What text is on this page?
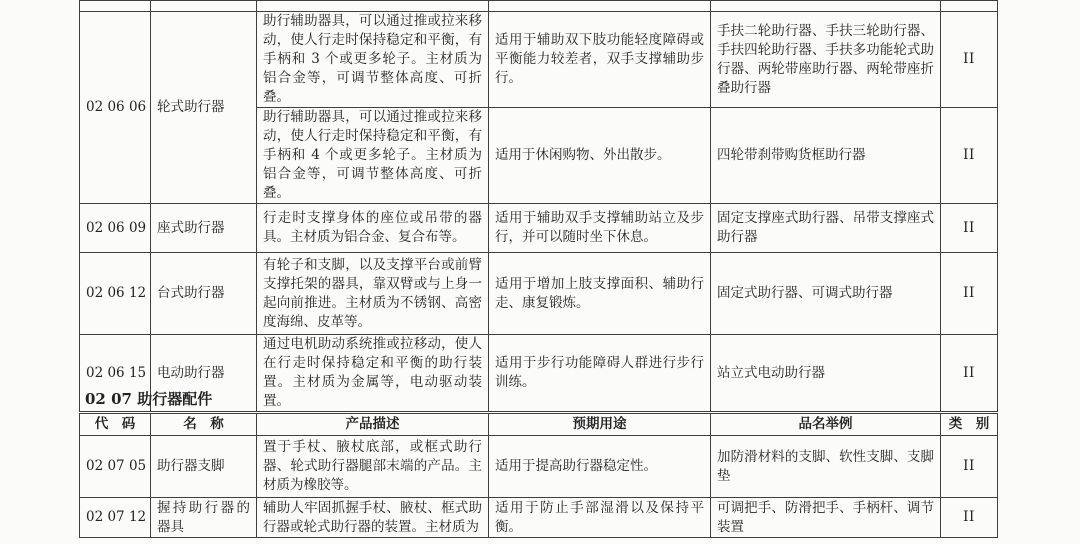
02 06 06	轮式助行器	助行辅助器具，可以通过推或拉来移动，使人行走时保持稳定和平衡，有手柄和 3 个或更多轮子。主材质为铝合金等，可调节整体高度、可折叠。	适用于辅助双下肢功能轻度障碍或平衡能力较差者，双手支撑辅助步行。	手扶二轮助行器、手扶三轮助行器、手扶四轮助行器、手扶多功能轮式助行器、两轮带座助行器、两轮带座折叠助行器	II
		助行辅助器具，可以通过推或拉来移动，使人行走时保持稳定和平衡，有手柄和 4 个或更多轮子。主材质为铝合金等，可调节整体高度、可折叠。	适用于休闲购物、外出散步。	四轮带刹带购货框助行器	II
02 06 09	座式助行器	行走时支撑身体的座位或吊带的器具。主材质为铝合金、复合布等。	适用于辅助双手支撑辅助站立及步行，并可以随时坐下休息。	固定支撑座式助行器、吊带支撑座式助行器	II
02 06 12	台式助行器	有轮子和支脚，以及支撑平台或前臂支撑托架的器具，靠双臂或与上身一起向前推进。主材质为不锈钢、高密度海绵、皮革等。	适用于增加上肢支撑面积、辅助行走、康复锻炼。	固定式助行器、可调式助行器	II
02 06 15	电动助行器	通过电机助动系统推或拉移动，使人在行走时保持稳定和平衡的助行装置。主材质为金属等，电动驱动装置。	适用于步行功能障碍人群进行步行训练。	站立式电动助行器	II
02 07 助行器配件
代　码	名　称	产品描述	预期用途	品名举例	类　别
02 07 05	助行器支脚	置于手杖、腋杖底部，或框式助行器、轮式助行器腿部末端的产品。主材质为橡胶等。	适用于提高助行器稳定性。	加防滑材料的支脚、软性支脚、支脚垫	II
02 07 12	握持助行器的器具	辅助人牢固抓握手杖、腋杖、框式助行器或轮式助行器的装置。主材质为	适用于防止手部湿滑以及保持平衡。	可调把手、防滑把手、手柄杆、调节装置	II
